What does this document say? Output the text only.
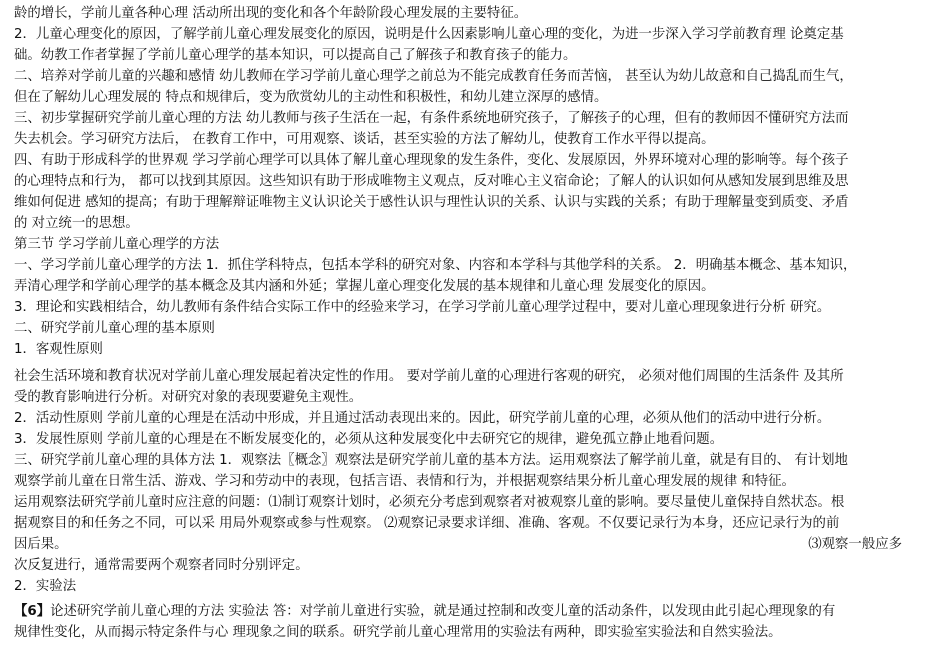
龄的增长，学前儿童各种心理 活动所出现的变化和各个年龄阶段心理发展的主要特征。

2．儿童心理变化的原因，了解学前儿童心理发展变化的原因，说明是什么因素影响儿童心理的变化，为进一步深入学习学前教育理 论奠定基

础。幼教工作者掌握了学前儿童心理学的基本知识，可以提高自己了解孩子和教育孩子的能力。

二、培养对学前儿童的兴趣和感情 幼儿教师在学习学前儿童心理学之前总为不能完成教育任务而苦恼， 甚至认为幼儿故意和自己捣乱而生气，

但在了解幼儿心理发展的 特点和规律后，变为欣赏幼儿的主动性和积极性，和幼儿建立深厚的感情。

三、初步掌握研究学前儿童心理的方法 幼儿教师与孩子生活在一起，有条件系统地研究孩子，了解孩子的心理，但有的教师因不懂研究方法而

失去机会。学习研究方法后， 在教育工作中，可用观察、谈话，甚至实验的方法了解幼儿，使教育工作水平得以提高。

四、有助于形成科学的世界观 学习学前心理学可以具体了解儿童心理现象的发生条件，变化、发展原因，外界环境对心理的影响等。每个孩子

的心理特点和行为， 都可以找到其原因。这些知识有助于形成唯物主义观点，反对唯心主义宿命论；了解人的认识如何从感知发展到思维及思

维如何促进 感知的提高；有助于理解辩证唯物主义认识论关于感性认识与理性认识的关系、认识与实践的关系；有助于理解量变到质变、矛盾

的 对立统一的思想。

第三节 学习学前儿童心理学的方法

一、学习学前儿童心理学的方法 1．抓住学科特点，包括本学科的研究对象、内容和本学科与其他学科的关系。 2．明确基本概念、基本知识，

弄清心理学和学前心理学的基本概念及其内涵和外延；掌握儿童心理变化发展的基本规律和儿童心理 发展变化的原因。

3．理论和实践相结合，幼儿教师有条件结合实际工作中的经验来学习，在学习学前儿童心理学过程中，要对儿童心理现象进行分析 研究。

二、研究学前儿童心理的基本原则

1．客观性原则

社会生活环境和教育状况对学前儿童心理发展起着决定性的作用。 要对学前儿童的心理进行客观的研究， 必须对他们周围的生活条件 及其所

受的教育影响进行分析。对研究对象的表现要避免主观性。

2．活动性原则 学前儿童的心理是在活动中形成，并且通过活动表现出来的。因此，研究学前儿童的心理，必须从他们的活动中进行分析。

3．发展性原则 学前儿童的心理是在不断发展变化的，必须从这种发展变化中去研究它的规律，避免孤立静止地看问题。

三、研究学前儿童心理的具体方法 1．观察法〖概念〗观察法是研究学前儿童的基本方法。运用观察法了解学前儿童，就是有目的、 有计划地

观察学前儿童在日常生活、游戏、学习和劳动中的表现，包括言语、表情和行为，并根据观察结果分析儿童心理发展的规律 和特征。

运用观察法研究学前儿童时应注意的问题：⑴制订观察计划时，必须充分考虑到观察者对被观察儿童的影响。要尽量使儿童保持自然状态。根

据观察目的和任务之不同，可以采 用局外观察或参与性观察。 ⑵观察记录要求详细、准确、客观。不仅要记录行为本身，还应记录行为的前

因后果。	⑶观察一般应多

次反复进行，通常需要两个观察者同时分别评定。

2．实验法

【6】论述研究学前儿童心理的方法 实验法 答：对学前儿童进行实验，就是通过控制和改变儿童的活动条件，以发现由此引起心理现象的有

规律性变化，从而揭示特定条件与心 理现象之间的联系。研究学前儿童心理常用的实验法有两种，即实验室实验法和自然实验法。
